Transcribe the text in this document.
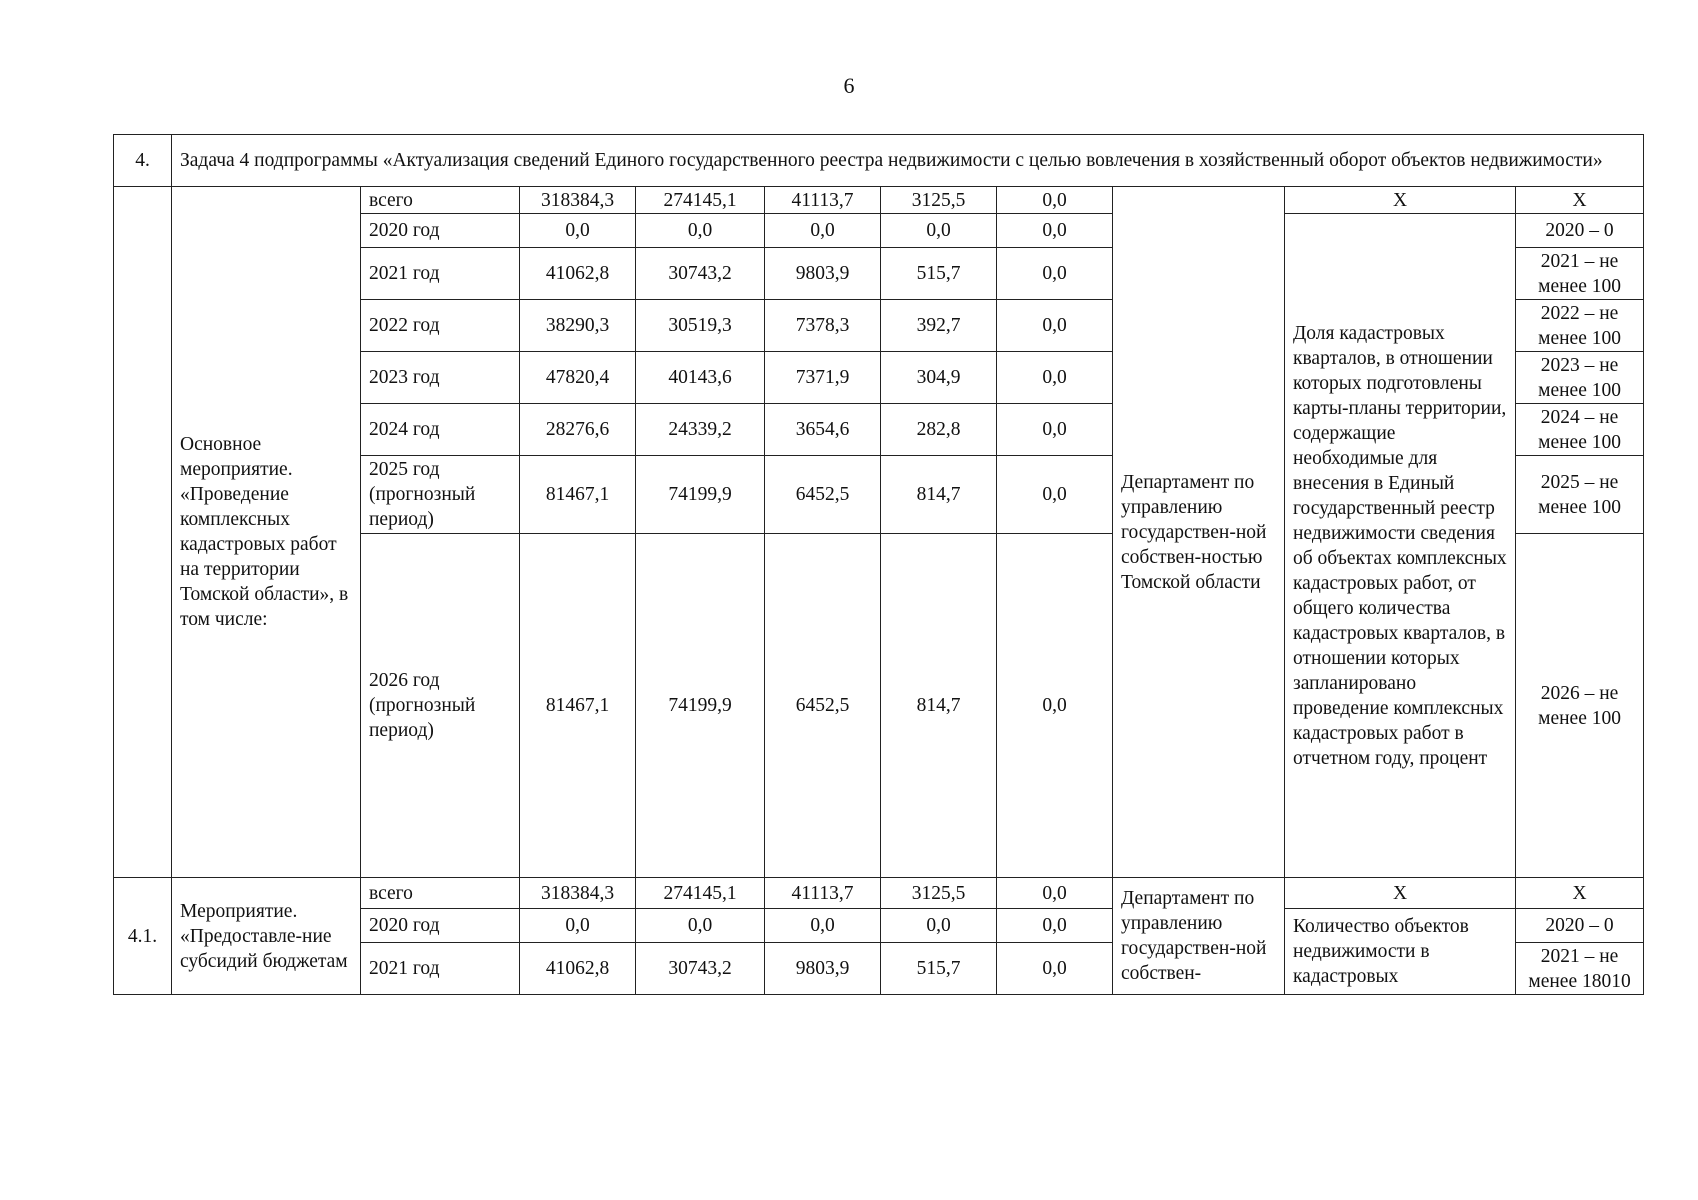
6
4.	Задача 4 подпрограммы «Актуализация сведений Единого государственного реестра недвижимости с целью вовлечения в хозяйственный оборот объектов недвижимости»									
	Основное мероприятие. «Проведение комплексных кадастровых работ на территории Томской области», в том числе:	всего	318384,3	274145,1	41113,7	3125,5	0,0	Департамент по управлению государствен-ной собствен-ностью Томской области	Х	Х
		2020 год	0,0	0,0	0,0	0,0	0,0		Доля кадастровых кварталов, в отношении которых подготовлены карты-планы территории, содержащие необходимые для внесения в Единый государственный реестр недвижимости сведения об объектах комплексных кадастровых работ, от общего количества кадастровых кварталов, в отношении которых запланировано проведение комплексных кадастровых работ в отчетном году, процент	2020 – 0
		2021 год	41062,8	30743,2	9803,9	515,7	0,0			2021 – не менее 100
		2022 год	38290,3	30519,3	7378,3	392,7	0,0			2022 – не менее 100
		2023 год	47820,4	40143,6	7371,9	304,9	0,0			2023 – не менее 100
		2024 год	28276,6	24339,2	3654,6	282,8	0,0			2024 – не менее 100
		2025 год (прогнозный период)	81467,1	74199,9	6452,5	814,7	0,0			2025 – не менее 100
		2026 год (прогнозный период)	81467,1	74199,9	6452,5	814,7	0,0			2026 – не менее 100
4.1.	Мероприятие. «Предоставле-ние субсидий бюджетам	всего	318384,3	274145,1	41113,7	3125,5	0,0	Департамент по управлению государствен-ной собствен-	Х	Х
		2020 год	0,0	0,0	0,0	0,0	0,0		Количество объектов недвижимости в кадастровых	2020 – 0
		2021 год	41062,8	30743,2	9803,9	515,7	0,0			2021 – не менее 18010
